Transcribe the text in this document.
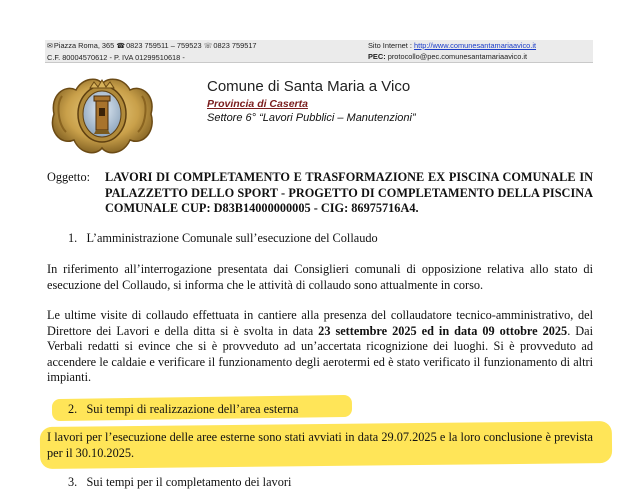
✉Piazza Roma, 365 ☎0823 759511 – 759523 ☏0823 759517
C.F. 80004570612 - P. IVA 01299510618 -
Sito Internet : http://www.comunesantamariaavico.it
PEC: protocollo@pec.comunesantamariaavico.it
Comune di Santa Maria a Vico
Provincia di Caserta
Settore 6° “Lavori Pubblici – Manutenzioni”
Oggetto: LAVORI DI COMPLETAMENTO E TRASFORMAZIONE EX PISCINA COMUNALE IN PALAZZETTO DELLO SPORT - PROGETTO DI COMPLETAMENTO DELLA PISCINA COMUNALE CUP: D83B14000000005 - CIG: 86975716A4.
1. L’amministrazione Comunale sull’esecuzione del Collaudo
In riferimento all’interrogazione presentata dai Consiglieri comunali di opposizione relativa allo stato di esecuzione del Collaudo, si informa che le attività di collaudo sono attualmente in corso.
Le ultime visite di collaudo effettuata in cantiere alla presenza del collaudatore tecnico-amministrativo, del Direttore dei Lavori e della ditta si è svolta in data 23 settembre 2025 ed in data 09 ottobre 2025. Dai Verbali redatti si evince che si è provveduto ad un’accertata ricognizione dei luoghi. Si è provveduto ad accendere le caldaie e verificare il funzionamento degli aerotermi ed è stato verificato il funzionamento di altri impianti.
2. Sui tempi di realizzazione dell’area esterna
I lavori per l’esecuzione delle aree esterne sono stati avviati in data 29.07.2025 e la loro conclusione è prevista per il 30.10.2025.
3. Sui tempi per il completamento dei lavori
